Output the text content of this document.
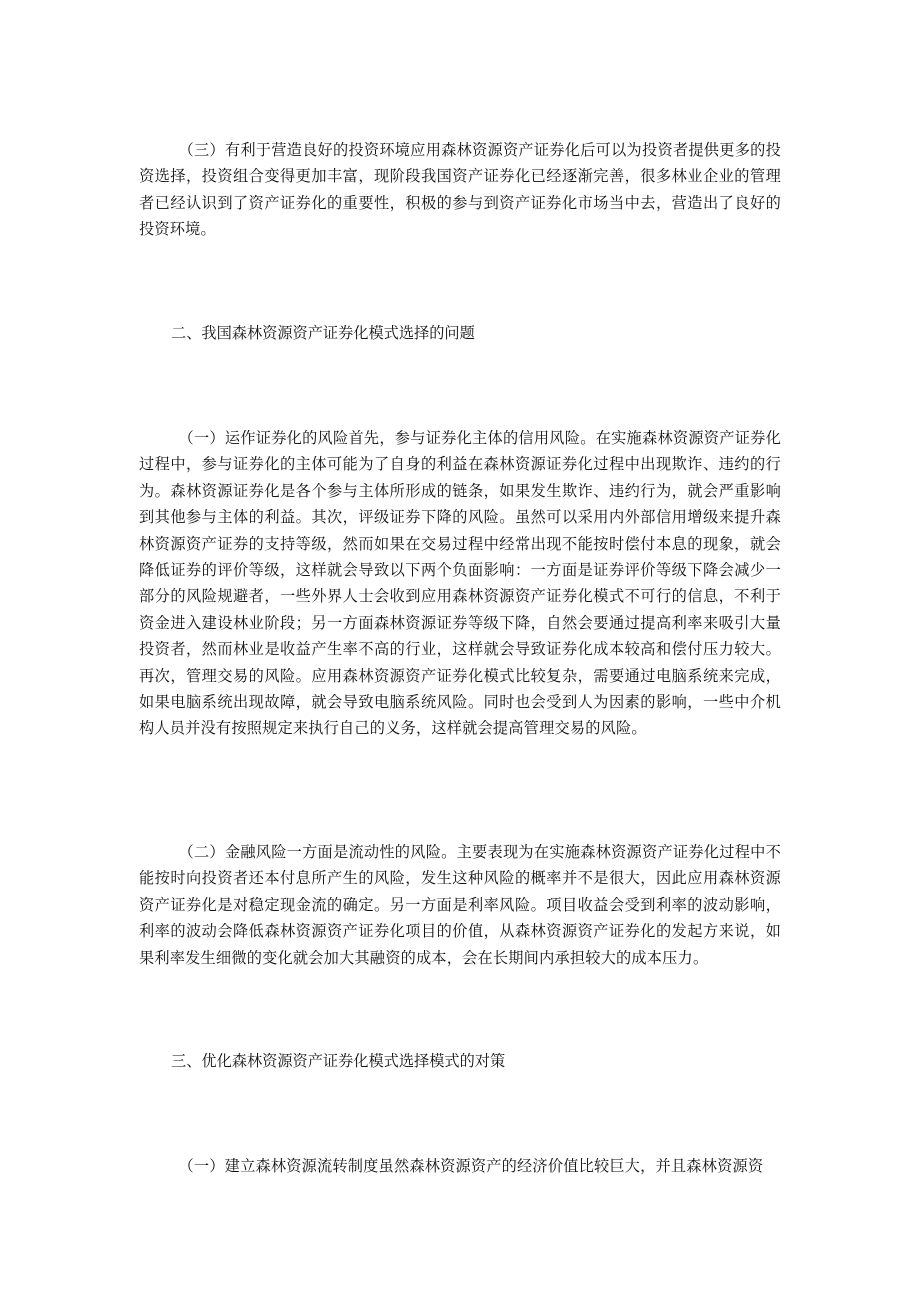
（三）有利于营造良好的投资环境应用森林资源资产证券化后可以为投资者提供更多的投资选择，投资组合变得更加丰富，现阶段我国资产证券化已经逐渐完善，很多林业企业的管理者已经认识到了资产证券化的重要性，积极的参与到资产证券化市场当中去，营造出了良好的投资环境。

二、我国森林资源资产证券化模式选择的问题

（一）运作证券化的风险首先，参与证券化主体的信用风险。在实施森林资源资产证券化过程中，参与证券化的主体可能为了自身的利益在森林资源证券化过程中出现欺诈、违约的行为。森林资源证券化是各个参与主体所形成的链条，如果发生欺诈、违约行为，就会严重影响到其他参与主体的利益。其次，评级证券下降的风险。虽然可以采用内外部信用增级来提升森林资源资产证券的支持等级，然而如果在交易过程中经常出现不能按时偿付本息的现象，就会降低证券的评价等级，这样就会导致以下两个负面影响：一方面是证券评价等级下降会减少一部分的风险规避者，一些外界人士会收到应用森林资源资产证券化模式不可行的信息，不利于资金进入建设林业阶段；另一方面森林资源证券等级下降，自然会要通过提高利率来吸引大量投资者，然而林业是收益产生率不高的行业，这样就会导致证券化成本较高和偿付压力较大。再次，管理交易的风险。应用森林资源资产证券化模式比较复杂，需要通过电脑系统来完成，如果电脑系统出现故障，就会导致电脑系统风险。同时也会受到人为因素的影响，一些中介机构人员并没有按照规定来执行自己的义务，这样就会提高管理交易的风险。

（二）金融风险一方面是流动性的风险。主要表现为在实施森林资源资产证券化过程中不能按时向投资者还本付息所产生的风险，发生这种风险的概率并不是很大，因此应用森林资源资产证券化是对稳定现金流的确定。另一方面是利率风险。项目收益会受到利率的波动影响，利率的波动会降低森林资源资产证券化项目的价值，从森林资源资产证券化的发起方来说，如果利率发生细微的变化就会加大其融资的成本，会在长期间内承担较大的成本压力。

三、优化森林资源资产证券化模式选择模式的对策

（一）建立森林资源流转制度虽然森林资源资产的经济价值比较巨大，并且森林资源资
